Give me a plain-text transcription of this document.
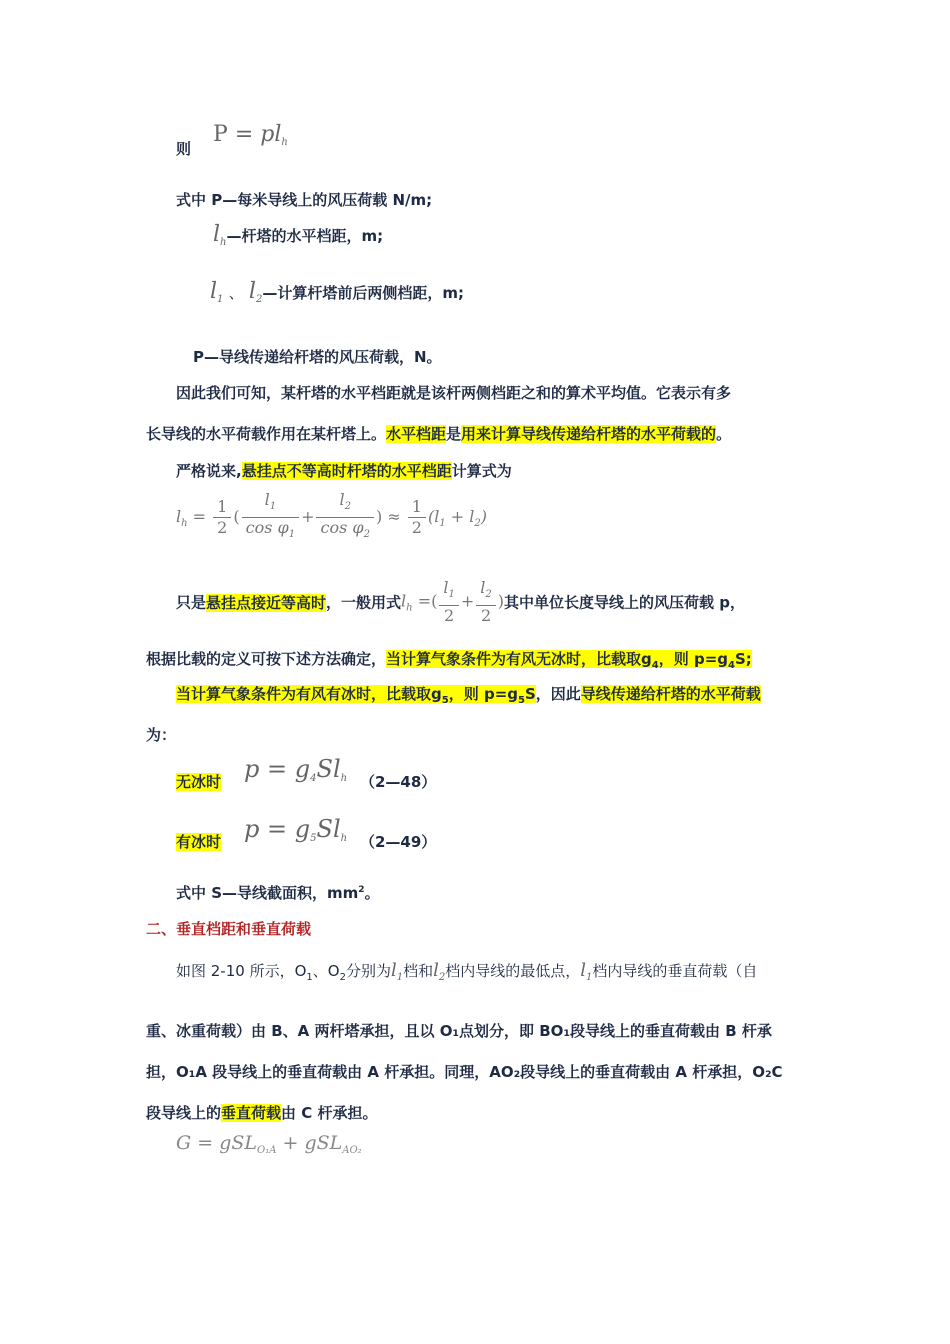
则
$P = pl_h$
式中 P—每米导线上的风压荷载 N/m;
$l_h—$杆塔的水平档距，m;
$l_1$ 、 $l_2—$计算杆塔前后两侧档距，m;
P—导线传递给杆塔的风压荷载，N。
因此我们可知，某杆塔的水平档距就是该杆两侧档距之和的算术平均值。它表示有多
长导线的水平荷载作用在某杆塔上。水平档距是用来计算导线传递给杆塔的水平荷载的。
严格说来,悬挂点不等高时杆塔的水平档距计算式为
$l_h = \frac{1}{2}$ ( $\frac{l_1}{\cos \varphi_1} + \frac{l_2}{\cos \varphi_2}$ ) ≈ $\frac{1}{2} (l_1 + l_2)$
只是悬挂点接近等高时，一般用式$l_h$ =( $\frac{l_1}{2} + \frac{l_2}{2}$ )其中单位长度导线上的风压荷载 p，
根据比载的定义可按下述方法确定，当计算气象条件为有风无冰时，比载取$g_4$，则 $p=g_4S$;
当计算气象条件为有风有冰时，比载取$g_5$，则 $p=g_5S$，因此导线传递给杆塔的水平荷载
为：
无冰时 $p = g_4Sl_h$ （2—48）
有冰时 $p = g_5Sl_h$ （2—49）
式中 S—导线截面积，$mm^2$。
二、垂直档距和垂直荷载
如图 2-10 所示，$O_1$、$O_2$分别为$l_1$档和$l_2$档内导线的最低点，$l_1$档内导线的垂直荷载（自
重、冰重荷载）由 B、A 两杆塔承担，且以 O₁点划分，即 BO₁段导线上的垂直荷载由 B 杆承
担，O₁A 段导线上的垂直荷载由 A 杆承担。同理，AO₂段导线上的垂直荷载由 A 杆承担，O₂C
段导线上的垂直荷载由 C 杆承担。
G = gSL$_{O_1A}$ + gSL$_{AO_2}$
